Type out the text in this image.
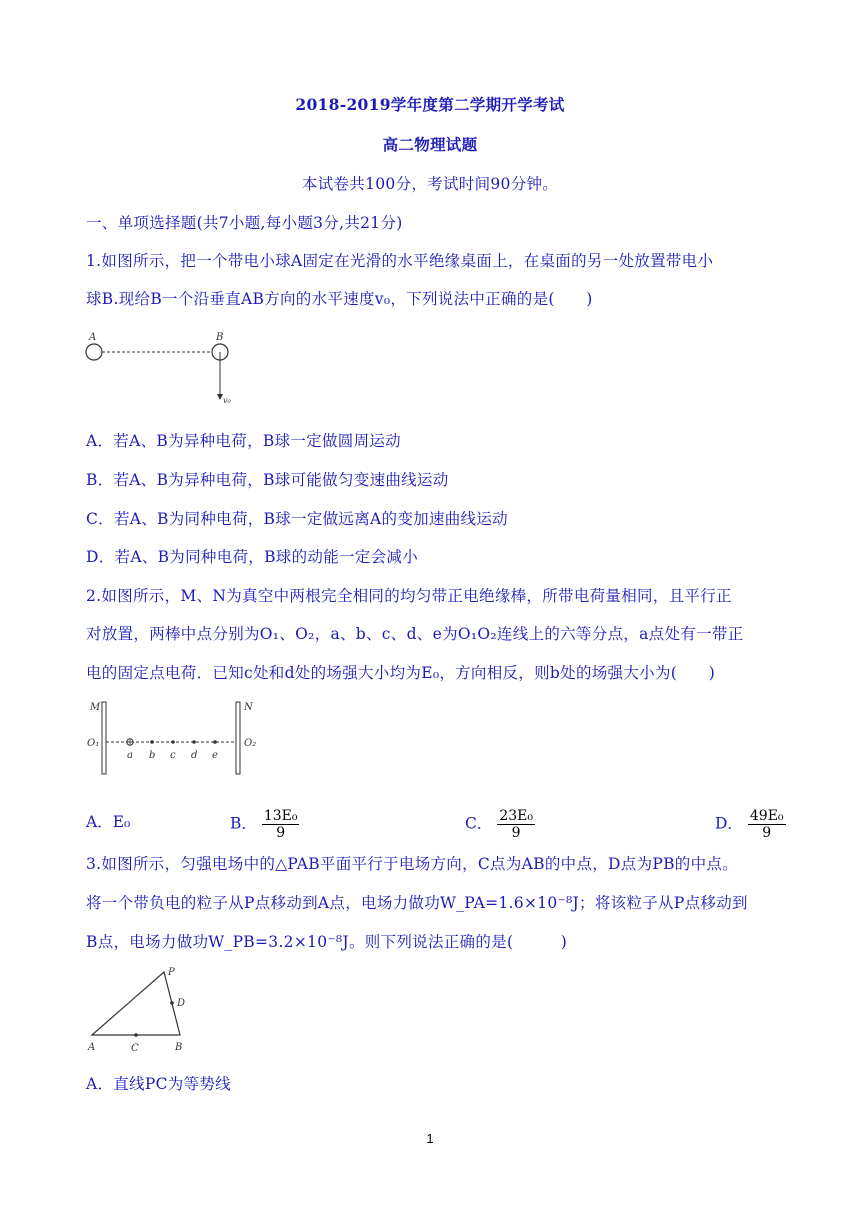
2018-2019学年度第二学期开学考试
高二物理试题
本试卷共100分，考试时间90分钟。
一、单项选择题(共7小题,每小题3分,共21分)
1.如图所示，把一个带电小球A固定在光滑的水平绝缘桌面上，在桌面的另一处放置带电小
球B.现给B一个沿垂直AB方向的水平速度v₀，下列说法中正确的是(　　)
A	B
v₀
A．若A、B为异种电荷，B球一定做圆周运动
B．若A、B为异种电荷，B球可能做匀变速曲线运动
C．若A、B为同种电荷，B球一定做远离A的变加速曲线运动
D．若A、B为同种电荷，B球的动能一定会减小
2.如图所示，M、N为真空中两根完全相同的均匀带正电绝缘棒，所带电荷量相同，且平行正
对放置，两棒中点分别为O₁、O₂，a、b、c、d、e为O₁O₂连线上的六等分点，a点处有一带正
电的固定点电荷．已知c处和d处的场强大小均为E₀，方向相反，则b处的场强大小为(　　)
M	N
O₁	O₂
a b c d e
A．E₀	B． $\frac{\text{13E₀}}{9}$	C． $\frac{\text{23E₀}}{9}$	D． $\frac{\text{49E₀}}{9}$
3.如图所示，匀强电场中的△PAB平面平行于电场方向，C点为AB的中点，D点为PB的中点。
将一个带负电的粒子从P点移动到A点，电场力做功W_PA=1.6×10⁻⁸J；将该粒子从P点移动到
B点，电场力做功W_PB=3.2×10⁻⁸J。则下列说法正确的是(　　　)
P
D
A	C	B
A．直线PC为等势线
1
